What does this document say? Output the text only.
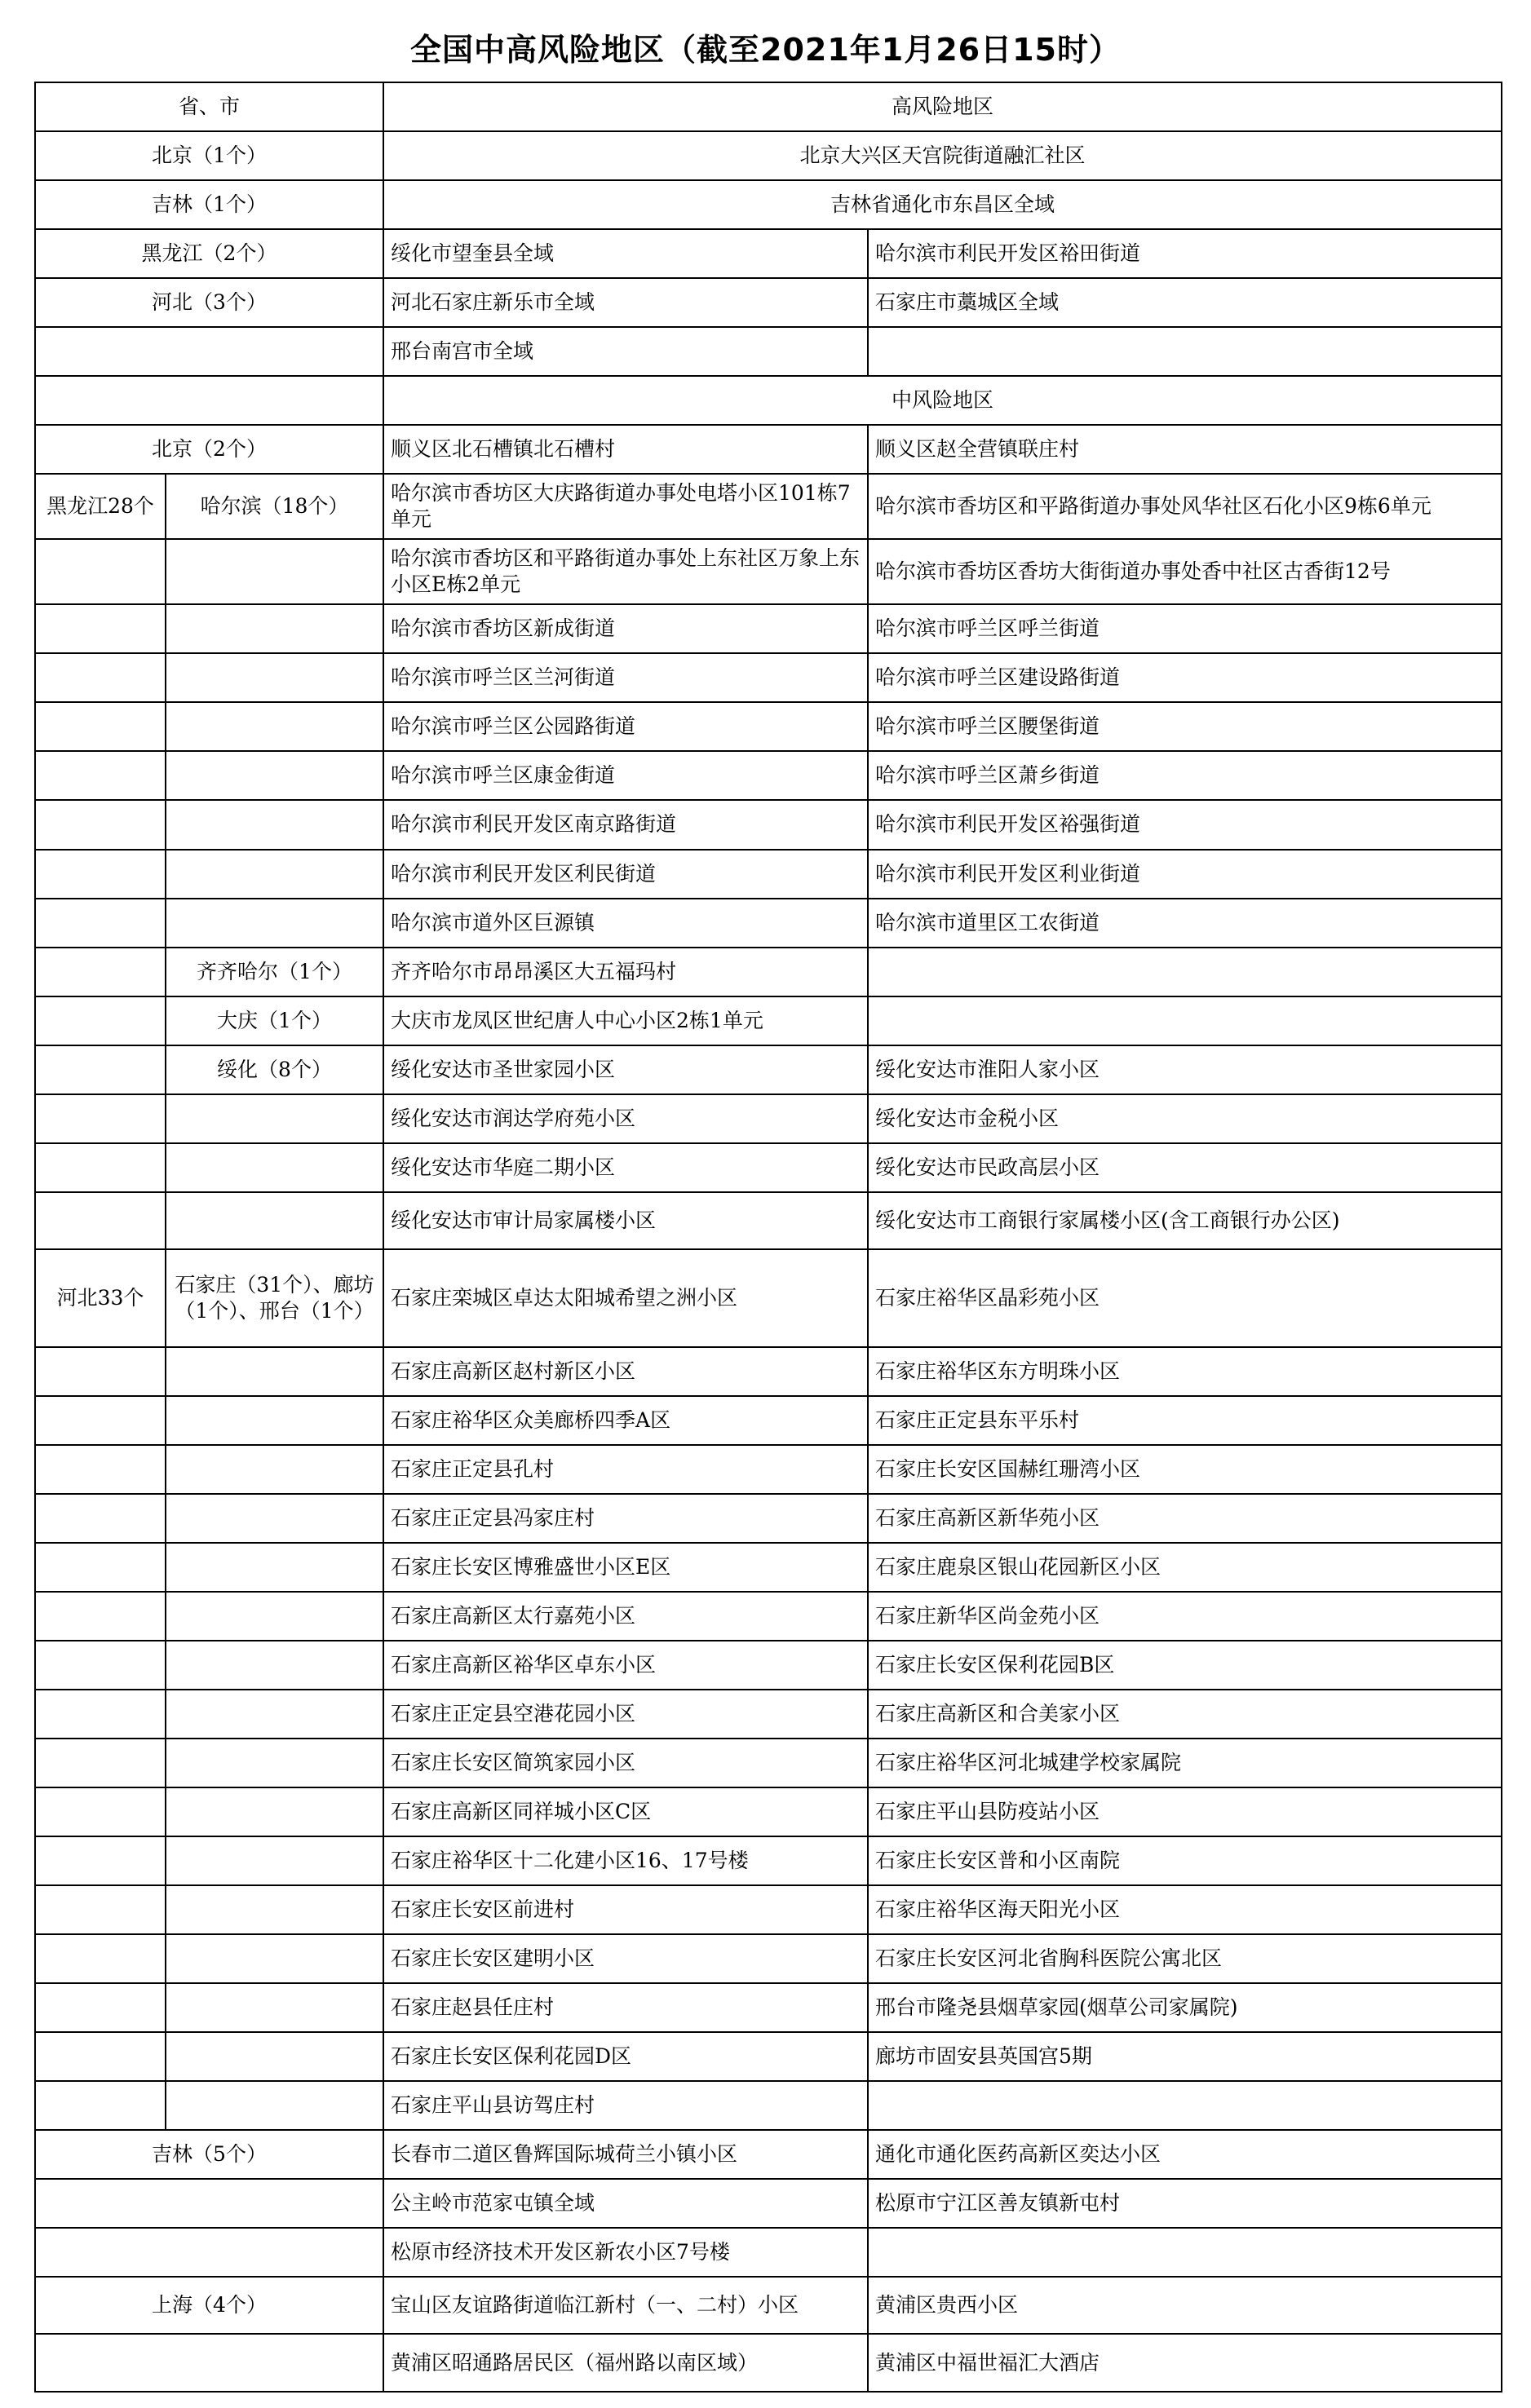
全国中高风险地区（截至2021年1月26日15时）
省、市		高风险地区	
北京（1个）		北京大兴区天宫院街道融汇社区	
吉林（1个）		吉林省通化市东昌区全域	
黑龙江（2个）		绥化市望奎县全域	哈尔滨市利民开发区裕田街道
河北（3个）		河北石家庄新乐市全域	石家庄市藁城区全域
		邢台南宫市全域	
		中风险地区	
北京（2个）		顺义区北石槽镇北石槽村	顺义区赵全营镇联庄村
黑龙江28个	哈尔滨（18个）	哈尔滨市香坊区大庆路街道办事处电塔小区101栋7单元	哈尔滨市香坊区和平路街道办事处风华社区石化小区9栋6单元
		哈尔滨市香坊区和平路街道办事处上东社区万象上东小区E栋2单元	哈尔滨市香坊区香坊大街街道办事处香中社区古香街12号
		哈尔滨市香坊区新成街道	哈尔滨市呼兰区呼兰街道
		哈尔滨市呼兰区兰河街道	哈尔滨市呼兰区建设路街道
		哈尔滨市呼兰区公园路街道	哈尔滨市呼兰区腰堡街道
		哈尔滨市呼兰区康金街道	哈尔滨市呼兰区萧乡街道
		哈尔滨市利民开发区南京路街道	哈尔滨市利民开发区裕强街道
		哈尔滨市利民开发区利民街道	哈尔滨市利民开发区利业街道
		哈尔滨市道外区巨源镇	哈尔滨市道里区工农街道
	齐齐哈尔（1个）	齐齐哈尔市昂昂溪区大五福玛村	
	大庆（1个）	大庆市龙凤区世纪唐人中心小区2栋1单元	
	绥化（8个）	绥化安达市圣世家园小区	绥化安达市淮阳人家小区
		绥化安达市润达学府苑小区	绥化安达市金税小区
		绥化安达市华庭二期小区	绥化安达市民政高层小区
		绥化安达市审计局家属楼小区	绥化安达市工商银行家属楼小区(含工商银行办公区)
河北33个	石家庄（31个）、廊坊（1个）、邢台（1个）	石家庄栾城区卓达太阳城希望之洲小区	石家庄裕华区晶彩苑小区
		石家庄高新区赵村新区小区	石家庄裕华区东方明珠小区
		石家庄裕华区众美廊桥四季A区	石家庄正定县东平乐村
		石家庄正定县孔村	石家庄长安区国赫红珊湾小区
		石家庄正定县冯家庄村	石家庄高新区新华苑小区
		石家庄长安区博雅盛世小区E区	石家庄鹿泉区银山花园新区小区
		石家庄高新区太行嘉苑小区	石家庄新华区尚金苑小区
		石家庄高新区裕华区卓东小区	石家庄长安区保利花园B区
		石家庄正定县空港花园小区	石家庄高新区和合美家小区
		石家庄长安区简筑家园小区	石家庄裕华区河北城建学校家属院
		石家庄高新区同祥城小区C区	石家庄平山县防疫站小区
		石家庄裕华区十二化建小区16、17号楼	石家庄长安区普和小区南院
		石家庄长安区前进村	石家庄裕华区海天阳光小区
		石家庄长安区建明小区	石家庄长安区河北省胸科医院公寓北区
		石家庄赵县任庄村	邢台市隆尧县烟草家园(烟草公司家属院)
		石家庄长安区保利花园D区	廊坊市固安县英国宫5期
		石家庄平山县访驾庄村	
吉林（5个）		长春市二道区鲁辉国际城荷兰小镇小区	通化市通化医药高新区奕达小区
		公主岭市范家屯镇全域	松原市宁江区善友镇新屯村
		松原市经济技术开发区新农小区7号楼	
上海（4个）		宝山区友谊路街道临江新村（一、二村）小区	黄浦区贵西小区
		黄浦区昭通路居民区（福州路以南区域）	黄浦区中福世福汇大酒店
